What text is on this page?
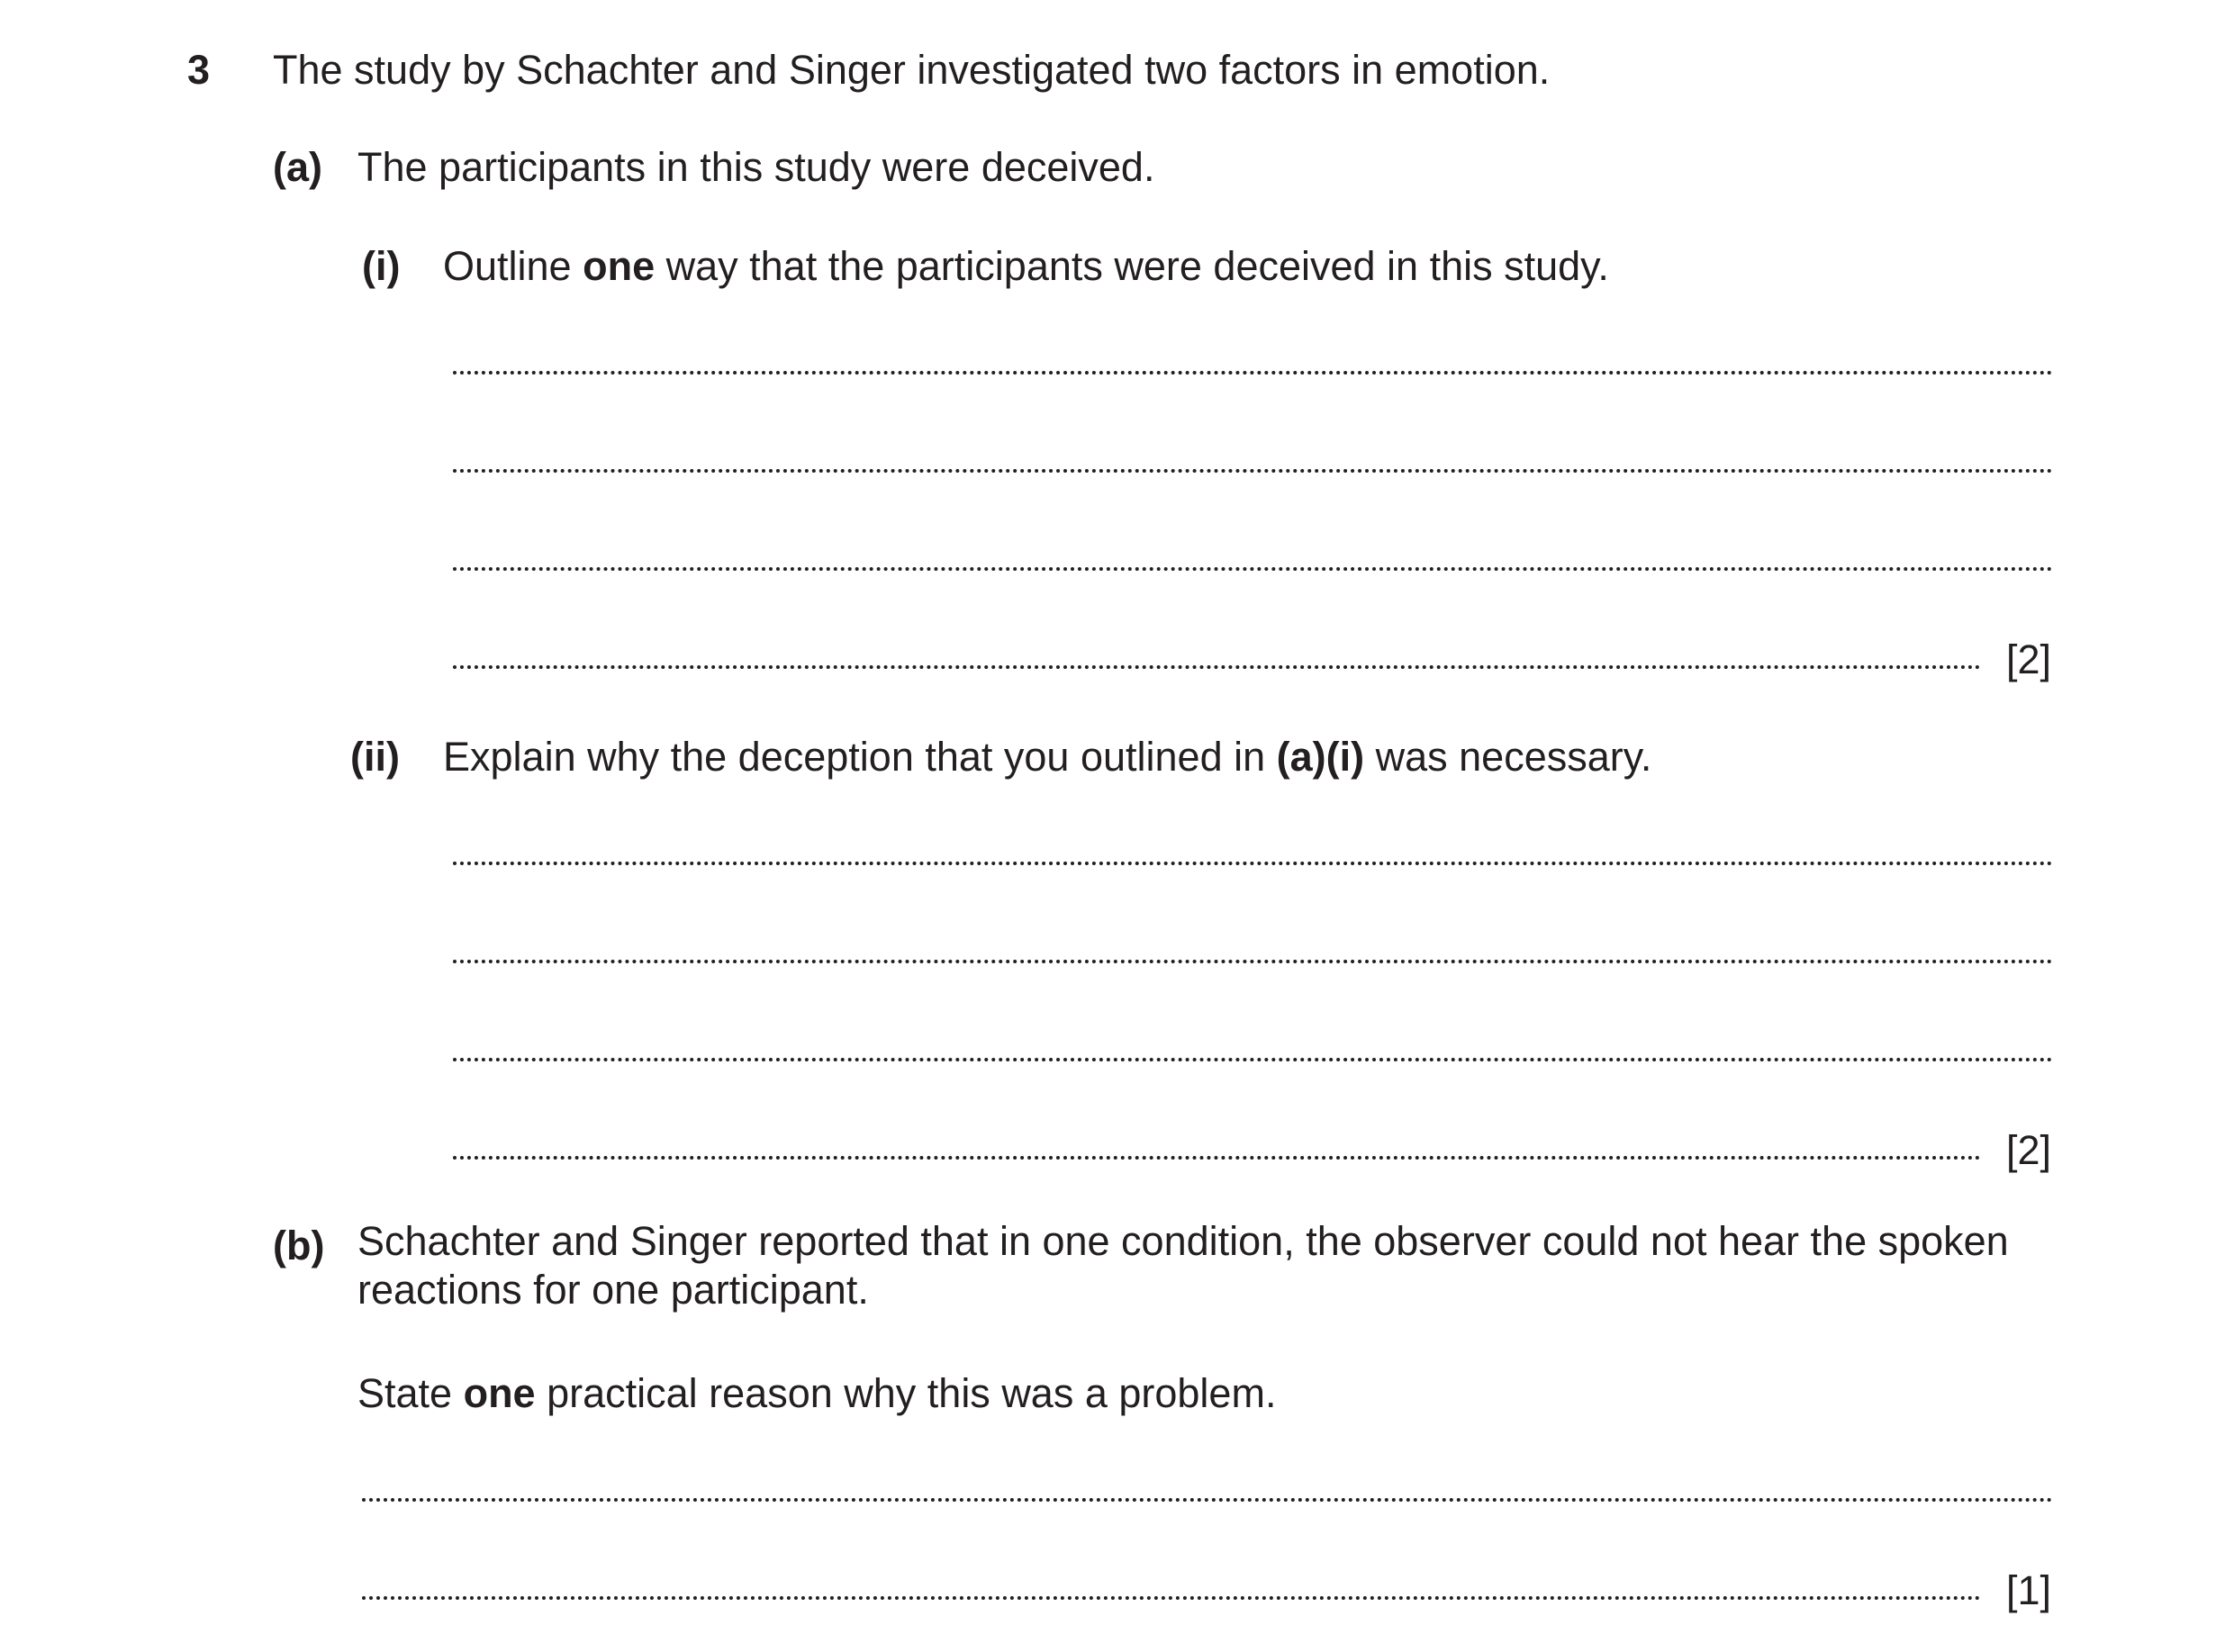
3 The study by Schachter and Singer investigated two factors in emotion.
(a) The participants in this study were deceived.
(i) Outline one way that the participants were deceived in this study.
[2]
(ii) Explain why the deception that you outlined in (a)(i) was necessary.
[2]
(b) Schachter and Singer reported that in one condition, the observer could not hear the spoken reactions for one participant.
State one practical reason why this was a problem.
[1]
